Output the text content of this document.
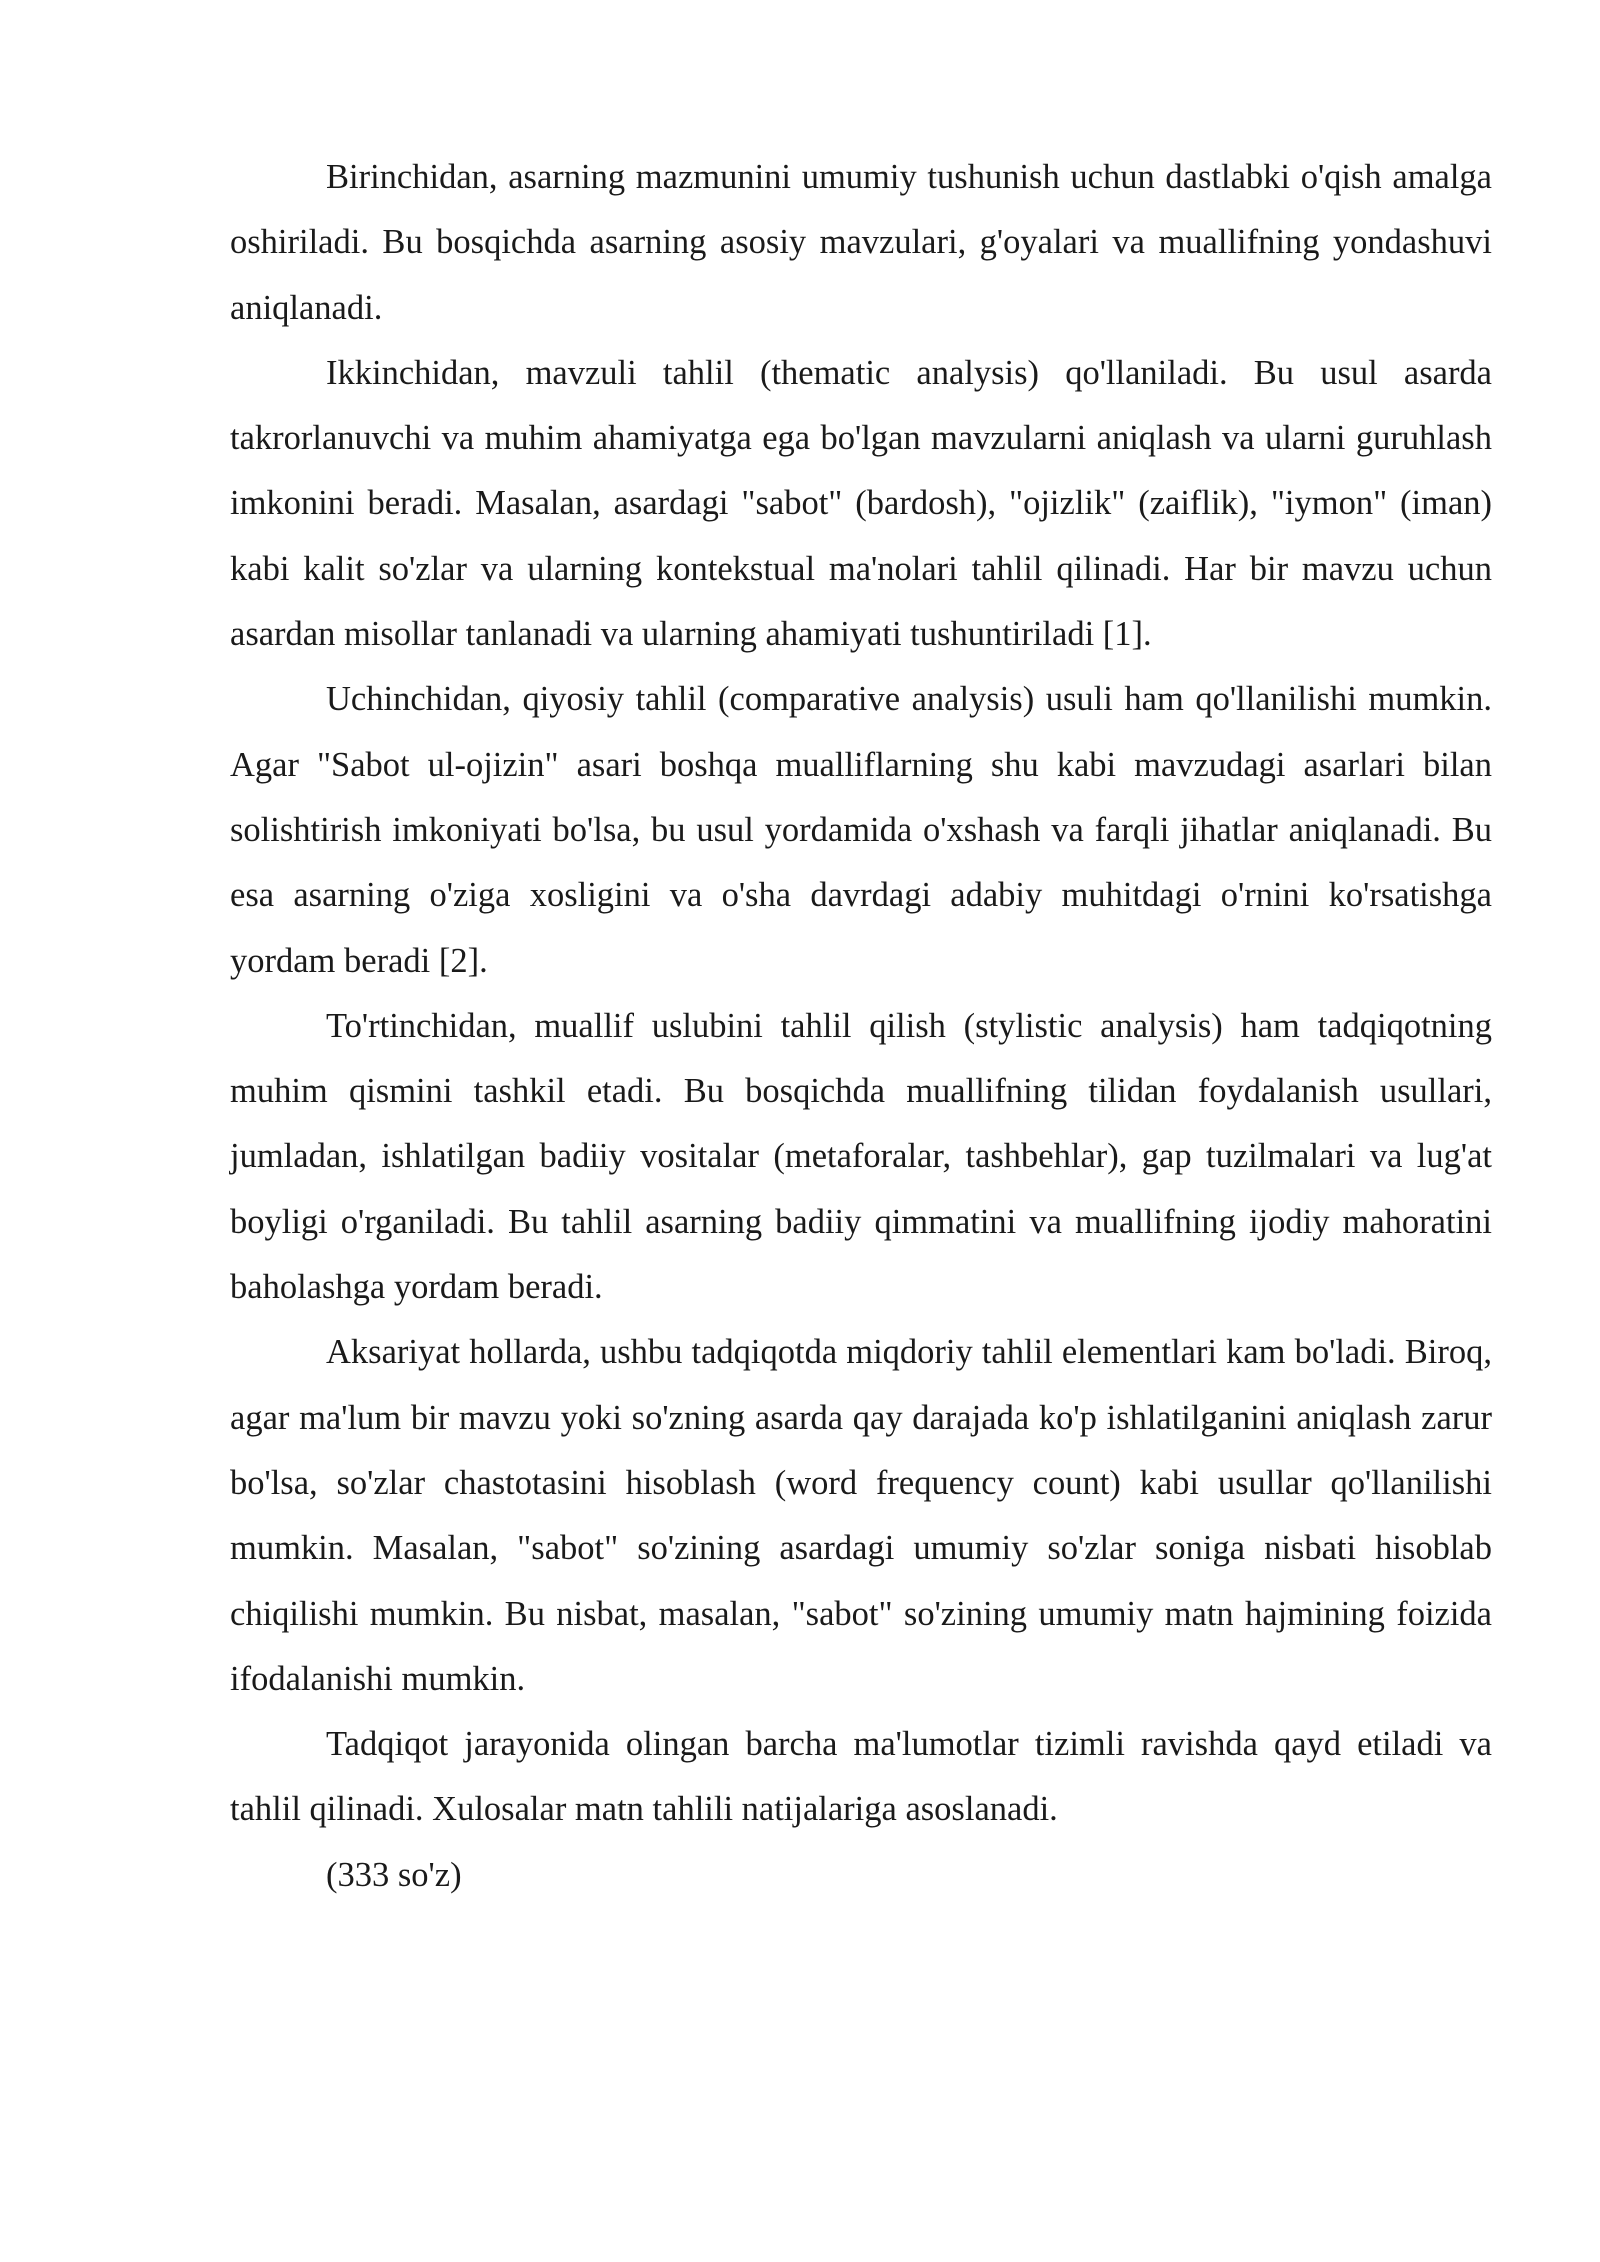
Birinchidan, asarning mazmunini umumiy tushunish uchun dastlabki o'qish amalga oshiriladi. Bu bosqichda asarning asosiy mavzulari, g'oyalari va muallifning yondashuvi aniqlanadi.

Ikkinchidan, mavzuli tahlil (thematic analysis) qo'llaniladi. Bu usul asarda takrorlanuvchi va muhim ahamiyatga ega bo'lgan mavzularni aniqlash va ularni guruhlash imkonini beradi. Masalan, asardagi "sabot" (bardosh), "ojizlik" (zaiflik), "iymon" (iman) kabi kalit so'zlar va ularning kontekstual ma'nolari tahlil qilinadi. Har bir mavzu uchun asardan misollar tanlanadi va ularning ahamiyati tushuntiriladi [1].

Uchinchidan, qiyosiy tahlil (comparative analysis) usuli ham qo'llanilishi mumkin. Agar "Sabot ul-ojizin" asari boshqa mualliflarning shu kabi mavzudagi asarlari bilan solishtirish imkoniyati bo'lsa, bu usul yordamida o'xshash va farqli jihatlar aniqlanadi. Bu esa asarning o'ziga xosligini va o'sha davrdagi adabiy muhitdagi o'rnini ko'rsatishga yordam beradi [2].

To'rtinchidan, muallif uslubini tahlil qilish (stylistic analysis) ham tadqiqotning muhim qismini tashkil etadi. Bu bosqichda muallifning tilidan foydalanish usullari, jumladan, ishlatilgan badiiy vositalar (metaforalar, tashbehlar), gap tuzilmalari va lug'at boyligi o'rganiladi. Bu tahlil asarning badiiy qimmatini va muallifning ijodiy mahoratini baholashga yordam beradi.

Aksariyat hollarda, ushbu tadqiqotda miqdoriy tahlil elementlari kam bo'ladi. Biroq, agar ma'lum bir mavzu yoki so'zning asarda qay darajada ko'p ishlatilganini aniqlash zarur bo'lsa, so'zlar chastotasini hisoblash (word frequency count) kabi usullar qo'llanilishi mumkin. Masalan, "sabot" so'zining asardagi umumiy so'zlar soniga nisbati hisoblab chiqilishi mumkin. Bu nisbat, masalan, "sabot" so'zining umumiy matn hajmining foizida ifodalanishi mumkin.

Tadqiqot jarayonida olingan barcha ma'lumotlar tizimli ravishda qayd etiladi va tahlil qilinadi. Xulosalar matn tahlili natijalariga asoslanadi.

(333 so'z)
